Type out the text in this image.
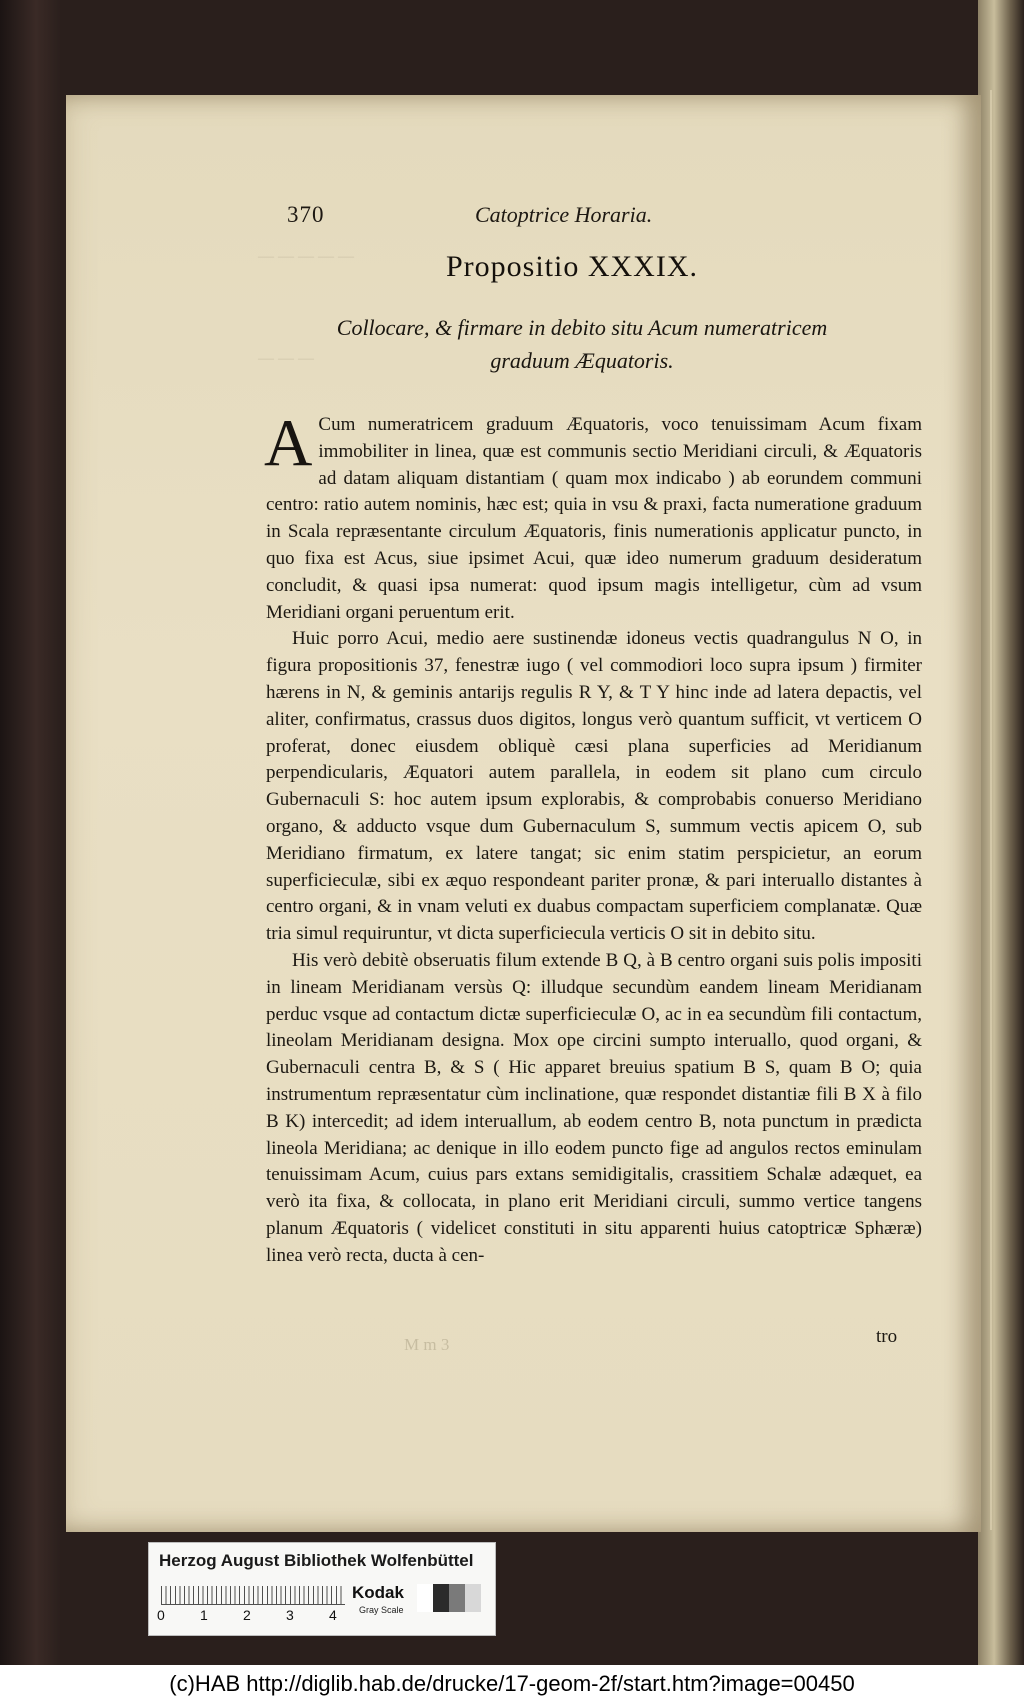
— — — — —
— — —
370	Catoptrice Horaria.
Propositio XXXIX.
Collocare, & firmare in debito situ Acum numeratricem
graduum Æquatoris.

A Cum numeratricem graduum Æquatoris, voco tenuissimam Acum fixam immobiliter in linea, quæ est communis sectio Meridiani circuli, & Æquatoris ad datam aliquam distantiam ( quam mox indicabo ) ab eorundem communi centro: ratio autem nominis, hæc est; quia in vsu & praxi, facta numeratione graduum in Scala repræsentante circulum Æquatoris, finis numerationis applicatur puncto, in quo fixa est Acus, siue ipsimet Acui, quæ ideo numerum graduum desideratum concludit, & quasi ipsa numerat: quod ipsum magis intelligetur, cùm ad vsum Meridiani organi peruentum erit.

Huic porro Acui, medio aere sustinendæ idoneus vectis quadrangulus N O, in figura propositionis 37, fenestræ iugo ( vel commodiori loco supra ipsum ) firmiter hærens in N, & geminis antarijs regulis R Y, & T Y hinc inde ad latera depactis, vel aliter, confirmatus, crassus duos digitos, longus verò quantum sufficit, vt verticem O proferat, donec eiusdem obliquè cæsi plana superficies ad Meridianum perpendicularis, Æquatori autem parallela, in eodem sit plano cum circulo Gubernaculi S: hoc autem ipsum explorabis, & comprobabis conuerso Meridiano organo, & adducto vsque dum Gubernaculum S, summum vectis apicem O, sub Meridiano firmatum, ex latere tangat; sic enim statim perspicietur, an eorum superficieculæ, sibi ex æquo respondeant pariter pronæ, & pari interuallo distantes à centro organi, & in vnam veluti ex duabus compactam superficiem complanatæ. Quæ tria simul requiruntur, vt dicta superficiecula verticis O sit in debito situ.

His verò debitè obseruatis filum extende B Q, à B centro organi suis polis impositi in lineam Meridianam versùs Q: illudque secundùm eandem lineam Meridianam perduc vsque ad contactum dictæ superficieculæ O, ac in ea secundùm fili contactum, lineolam Meridianam designa. Mox ope circini sumpto interuallo, quod organi, & Gubernaculi centra B, & S ( Hic apparet breuius spatium B S, quam B O; quia instrumentum repræsentatur cùm inclinatione, quæ respondet distantiæ fili B X à filo B K) intercedit; ad idem interuallum, ab eodem centro B, nota punctum in prædicta lineola Meridiana; ac denique in illo eodem puncto fige ad angulos rectos eminulam tenuissimam Acum, cuius pars extans semidigitalis, crassitiem Schalæ adæquet, ea verò ita fixa, & collocata, in plano erit Meridiani circuli, summo vertice tangens planum Æquatoris ( videlicet constituti in situ apparenti huius catoptricæ Sphæræ) linea verò recta, ducta à cen-

tro
M m 3
Herzog August Bibliothek Wolfenbüttel
0	1	2	3	4
Kodak
Gray Scale
(c)HAB http://diglib.hab.de/drucke/17-geom-2f/start.htm?image=00450
